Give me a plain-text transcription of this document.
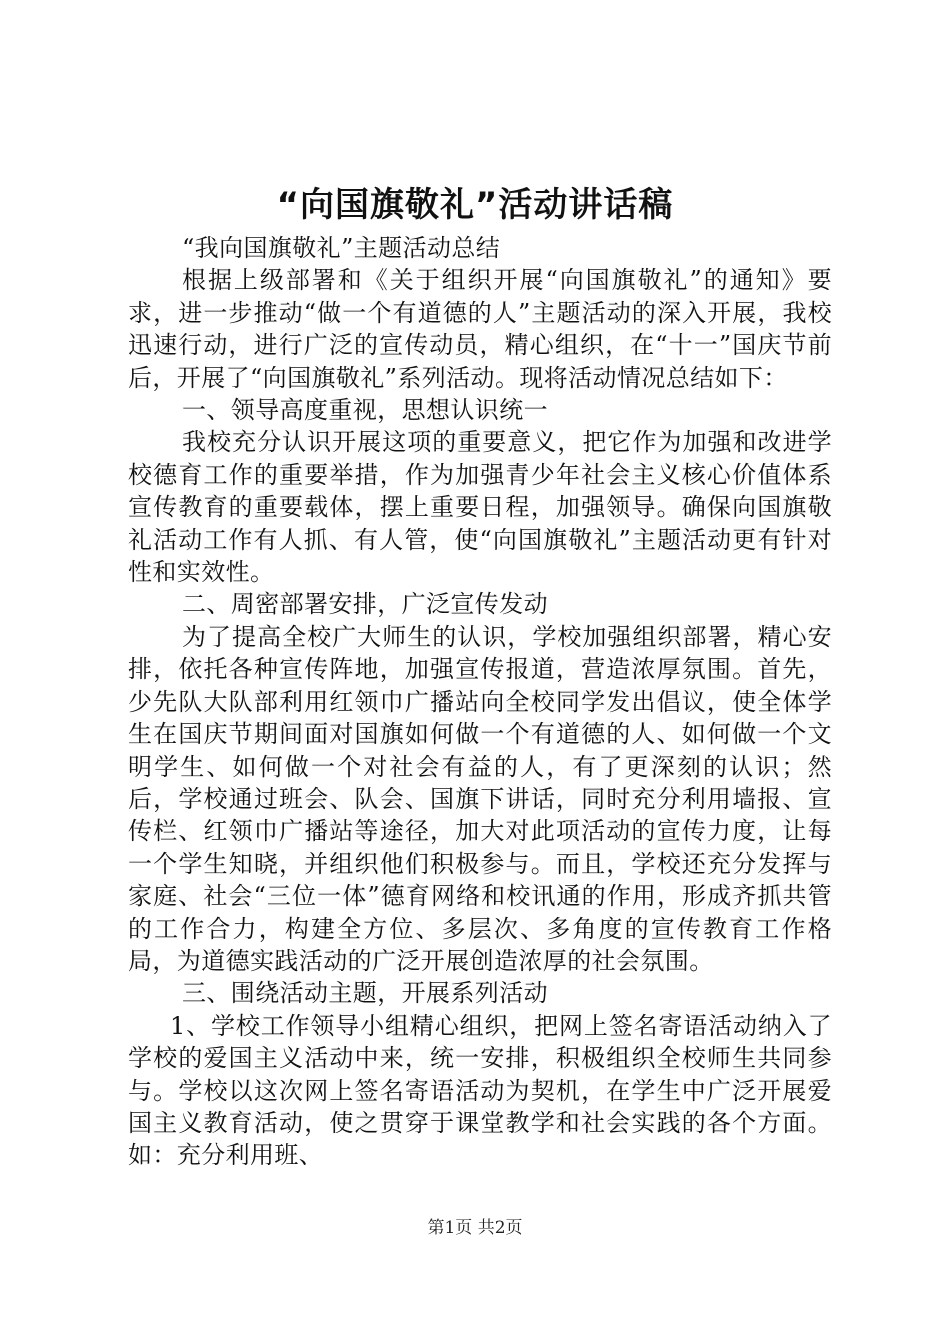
“向国旗敬礼”活动讲话稿

“我向国旗敬礼”主题活动总结

根据上级部署和《关于组织开展“向国旗敬礼”的通知》要求，进一步推动“做一个有道德的人”主题活动的深入开展，我校迅速行动，进行广泛的宣传动员，精心组织，在“十一”国庆节前后，开展了“向国旗敬礼”系列活动。现将活动情况总结如下：

一、领导高度重视，思想认识统一

我校充分认识开展这项的重要意义，把它作为加强和改进学校德育工作的重要举措，作为加强青少年社会主义核心价值体系宣传教育的重要载体，摆上重要日程，加强领导。确保向国旗敬礼活动工作有人抓、有人管，使“向国旗敬礼”主题活动更有针对性和实效性。

二、周密部署安排，广泛宣传发动

为了提高全校广大师生的认识，学校加强组织部署，精心安排，依托各种宣传阵地，加强宣传报道，营造浓厚氛围。首先，少先队大队部利用红领巾广播站向全校同学发出倡议，使全体学生在国庆节期间面对国旗如何做一个有道德的人、如何做一个文明学生、如何做一个对社会有益的人，有了更深刻的认识；然后，学校通过班会、队会、国旗下讲话，同时充分利用墙报、宣传栏、红领巾广播站等途径，加大对此项活动的宣传力度，让每一个学生知晓，并组织他们积极参与。而且，学校还充分发挥与家庭、社会“三位一体”德育网络和校讯通的作用，形成齐抓共管的工作合力，构建全方位、多层次、多角度的宣传教育工作格局，为道德实践活动的广泛开展创造浓厚的社会氛围。

三、围绕活动主题，开展系列活动

1、学校工作领导小组精心组织，把网上签名寄语活动纳入了学校的爱国主义活动中来，统一安排，积极组织全校师生共同参与。学校以这次网上签名寄语活动为契机，在学生中广泛开展爱国主义教育活动，使之贯穿于课堂教学和社会实践的各个方面。如：充分利用班、

第1页 共2页
